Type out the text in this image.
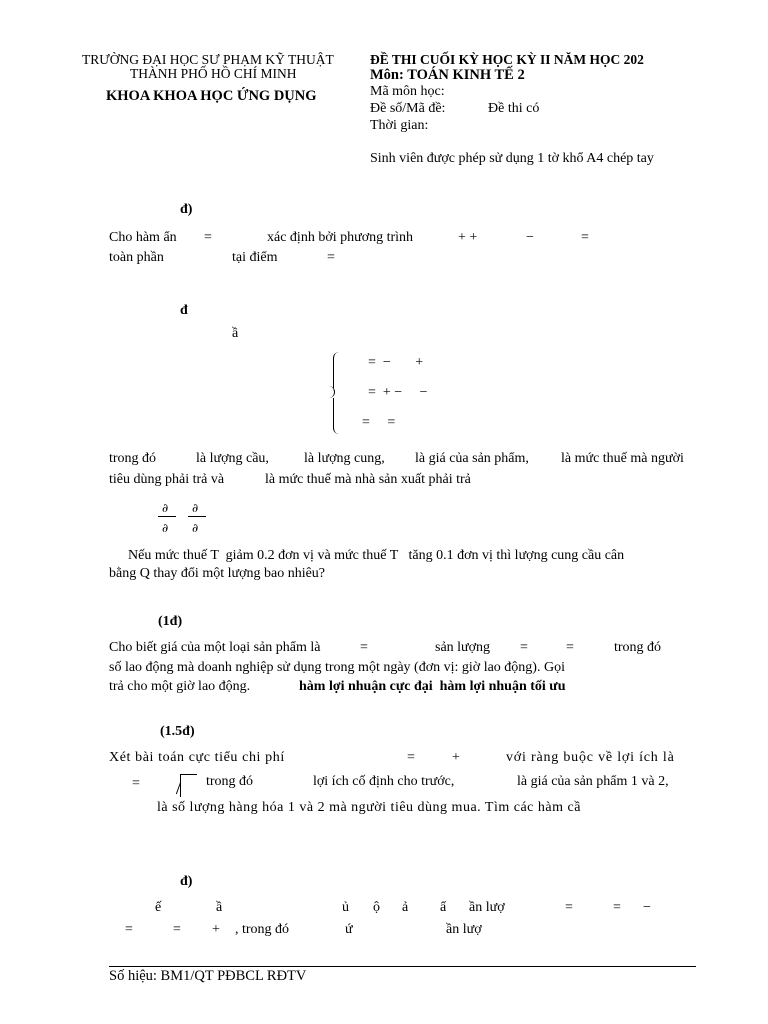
TRƯỜNG ĐẠI HỌC SƯ PHẠM KỸ THUẬT
THÀNH PHỐ HỒ CHÍ MINH
KHOA KHOA HỌC ỨNG DỤNG
ĐỀ THI CUỐI KỲ HỌC KỲ II NĂM HỌC 202
Môn: TOÁN KINH TẾ 2
Mã môn học:
Đề số/Mã đề:	Đề thi có
Thời gian:
Sinh viên được phép sử dụng 1 tờ khổ A4 chép tay
đ)
Cho hàm ẩn =	xác định bởi phương trình	+ +	−	=
toàn phần	tại điểm	=
đ
ầ
=  −       +
=  + −     −
=     =
trong đó	là lượng cầu,	là lượng cung, là giá của sản phẩm, là mức thuế mà người
tiêu dùng phải trả và	là mức thuế mà nhà sản xuất phải trả
∂
∂
∂
∂
Nếu mức thuế T  giảm 0.2 đơn vị và mức thuế T   tăng 0.1 đơn vị thì lượng cung cầu cân
bằng Q thay đổi một lượng bao nhiêu?
(1đ)
Cho biết giá của một loại sản phẩm là	=	sản lượng =	=	trong đó
số lao động mà doanh nghiệp sử dụng trong một ngày (đơn vị: giờ lao động). Gọi
trả cho một giờ lao động.	hàm lợi nhuận cực đại  hàm lợi nhuận tối ưu
(1.5đ)
Xét bài toán cực tiểu chi phí	=	+	với ràng buộc về lợi ích là
=	trong đó	lợi ích cố định cho trước,	là giá của sản phẩm 1 và 2,
là số lượng hàng hóa 1 và 2 mà người tiêu dùng mua. Tìm các hàm cầ
đ)
ế	ầ	ủ ộ ả ẩ ần lượ	=	= −
=	= + , trong đó	ứ	ần lượ
Số hiệu: BM1/QT PĐBCL RĐTV
